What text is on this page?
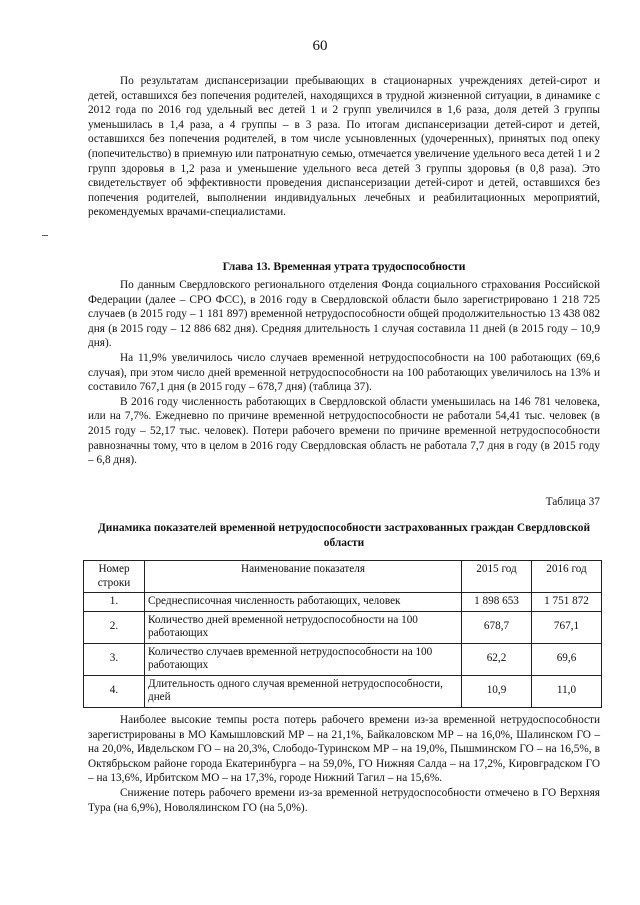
60

По результатам диспансеризации пребывающих в стационарных учреждениях детей-сирот и детей, оставшихся без попечения родителей, находящихся в трудной жизненной ситуации, в динамике с 2012 года по 2016 год удельный вес детей 1 и 2 групп увеличился в 1,6 раза, доля детей 3 группы уменьшилась в 1,4 раза, а 4 группы – в 3 раза. По итогам диспансеризации детей-сирот и детей, оставшихся без попечения родителей, в том числе усыновленных (удочеренных), принятых под опеку (попечительство) в приемную или патронатную семью, отмечается увеличение удельного веса детей 1 и 2 групп здоровья в 1,2 раза и уменьшение удельного веса детей 3 группы здоровья (в 0,8 раза). Это свидетельствует об эффективности проведения диспансеризации детей-сирот и детей, оставшихся без попечения родителей, выполнении индивидуальных лечебных и реабилитационных мероприятий, рекомендуемых врачами-специалистами.

Глава 13. Временная утрата трудоспособности

По данным Свердловского регионального отделения Фонда социального страхования Российской Федерации (далее – СРО ФСС), в 2016 году в Свердловской области было зарегистрировано 1 218 725 случаев (в 2015 году – 1 181 897) временной нетрудоспособности общей продолжительностью 13 438 082 дня (в 2015 году – 12 886 682 дня). Средняя длительность 1 случая составила 11 дней (в 2015 году – 10,9 дня).

На 11,9% увеличилось число случаев временной нетрудоспособности на 100 работающих (69,6 случая), при этом число дней временной нетрудоспособности на 100 работающих увеличилось на 13% и составило 767,1 дня (в 2015 году – 678,7 дня) (таблица 37).

В 2016 году численность работающих в Свердловской области уменьшилась на 146 781 человека, или на 7,7%. Ежедневно по причине временной нетрудоспособности не работали 54,41 тыс. человек (в 2015 году – 52,17 тыс. человек). Потери рабочего времени по причине временной нетрудоспособности равнозначны тому, что в целом в 2016 году Свердловская область не работала 7,7 дня в году (в 2015 году – 6,8 дня).

Таблица 37
Динамика показателей временной нетрудоспособности застрахованных граждан Свердловской области
Номер строки	Наименование показателя	2015 год	2016 год
1.	Среднесписочная численность работающих, человек	1 898 653	1 751 872
2.	Количество дней временной нетрудоспособности на 100 работающих	678,7	767,1
3.	Количество случаев временной нетрудоспособности на 100 работающих	62,2	69,6
4.	Длительность одного случая временной нетрудоспособности, дней	10,9	11,0

Наиболее высокие темпы роста потерь рабочего времени из-за временной нетрудоспособности зарегистрированы в МО Камышловский МР – на 21,1%, Байкаловском МР – на 16,0%, Шалинском ГО – на 20,0%, Ивдельском ГО – на 20,3%, Слободо-Туринском МР – на 19,0%, Пышминском ГО – на 16,5%, в Октябрьском районе города Екатеринбурга – на 59,0%, ГО Нижняя Салда – на 17,2%, Кировградском ГО – на 13,6%, Ирбитском МО – на 17,3%, городе Нижний Тагил – на 15,6%.

Снижение потерь рабочего времени из-за временной нетрудоспособности отмечено в ГО Верхняя Тура (на 6,9%), Новолялинском ГО (на 5,0%).
